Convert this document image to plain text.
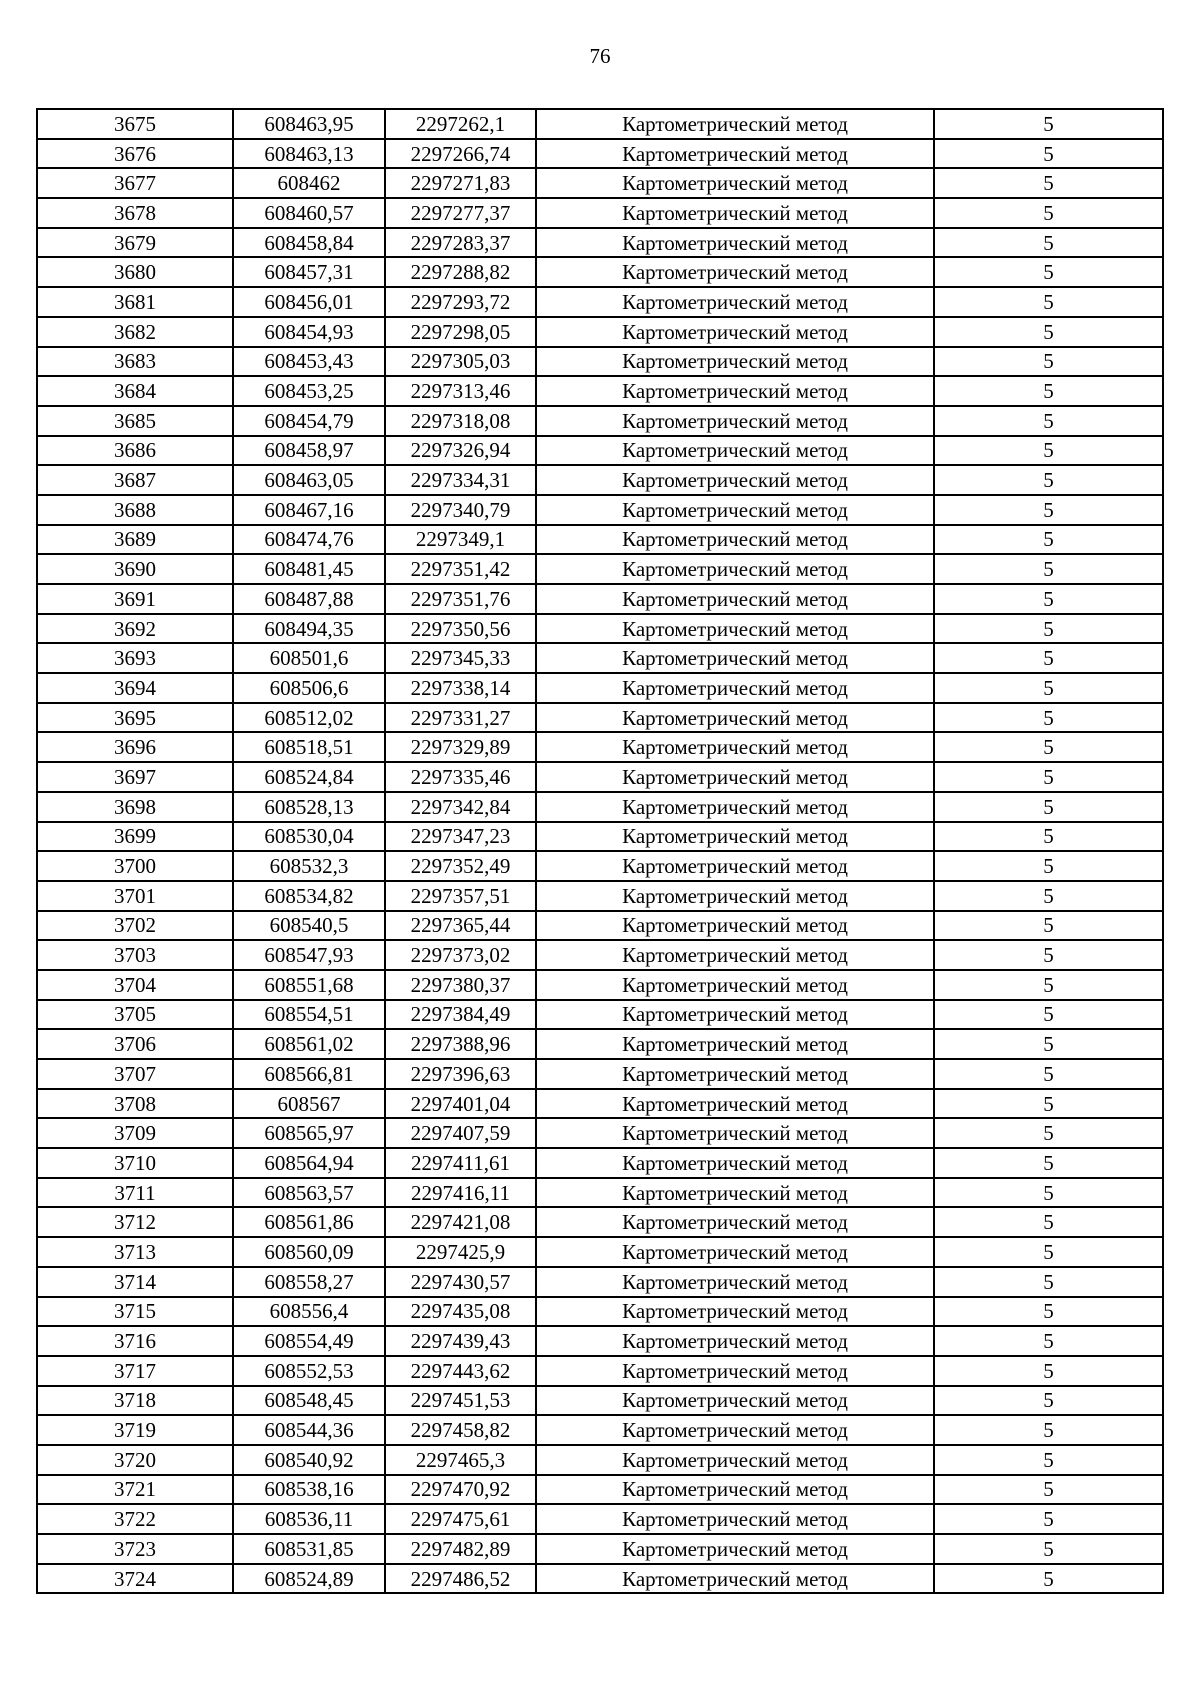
76
3675	608463,95	2297262,1	Картометрический метод	5
3676	608463,13	2297266,74	Картометрический метод	5
3677	608462	2297271,83	Картометрический метод	5
3678	608460,57	2297277,37	Картометрический метод	5
3679	608458,84	2297283,37	Картометрический метод	5
3680	608457,31	2297288,82	Картометрический метод	5
3681	608456,01	2297293,72	Картометрический метод	5
3682	608454,93	2297298,05	Картометрический метод	5
3683	608453,43	2297305,03	Картометрический метод	5
3684	608453,25	2297313,46	Картометрический метод	5
3685	608454,79	2297318,08	Картометрический метод	5
3686	608458,97	2297326,94	Картометрический метод	5
3687	608463,05	2297334,31	Картометрический метод	5
3688	608467,16	2297340,79	Картометрический метод	5
3689	608474,76	2297349,1	Картометрический метод	5
3690	608481,45	2297351,42	Картометрический метод	5
3691	608487,88	2297351,76	Картометрический метод	5
3692	608494,35	2297350,56	Картометрический метод	5
3693	608501,6	2297345,33	Картометрический метод	5
3694	608506,6	2297338,14	Картометрический метод	5
3695	608512,02	2297331,27	Картометрический метод	5
3696	608518,51	2297329,89	Картометрический метод	5
3697	608524,84	2297335,46	Картометрический метод	5
3698	608528,13	2297342,84	Картометрический метод	5
3699	608530,04	2297347,23	Картометрический метод	5
3700	608532,3	2297352,49	Картометрический метод	5
3701	608534,82	2297357,51	Картометрический метод	5
3702	608540,5	2297365,44	Картометрический метод	5
3703	608547,93	2297373,02	Картометрический метод	5
3704	608551,68	2297380,37	Картометрический метод	5
3705	608554,51	2297384,49	Картометрический метод	5
3706	608561,02	2297388,96	Картометрический метод	5
3707	608566,81	2297396,63	Картометрический метод	5
3708	608567	2297401,04	Картометрический метод	5
3709	608565,97	2297407,59	Картометрический метод	5
3710	608564,94	2297411,61	Картометрический метод	5
3711	608563,57	2297416,11	Картометрический метод	5
3712	608561,86	2297421,08	Картометрический метод	5
3713	608560,09	2297425,9	Картометрический метод	5
3714	608558,27	2297430,57	Картометрический метод	5
3715	608556,4	2297435,08	Картометрический метод	5
3716	608554,49	2297439,43	Картометрический метод	5
3717	608552,53	2297443,62	Картометрический метод	5
3718	608548,45	2297451,53	Картометрический метод	5
3719	608544,36	2297458,82	Картометрический метод	5
3720	608540,92	2297465,3	Картометрический метод	5
3721	608538,16	2297470,92	Картометрический метод	5
3722	608536,11	2297475,61	Картометрический метод	5
3723	608531,85	2297482,89	Картометрический метод	5
3724	608524,89	2297486,52	Картометрический метод	5
